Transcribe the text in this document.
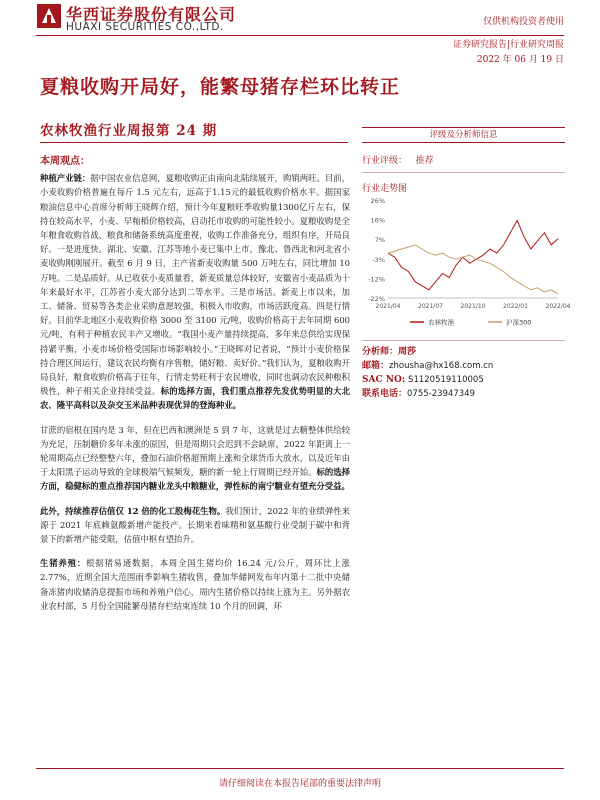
华西证券股份有限公司
HUAXI SECURITIES CO.,LTD.	仅供机构投资者使用
证券研究报告|行业研究周报
2022 年 06 月 19 日
夏粮收购开局好，能繁母猪存栏环比转正
农林牧渔行业周报第 24 期
本周观点：

种植产业链：据中国农业信息网，夏粮收购正由南向北陆续展开，购销两旺。目前，小麦收购价格普遍在每斤 1.5 元左右，远高于1.15元的最低收购价格水平。据国家粮油信息中心首席分析师王晓辉介绍，预计今年夏粮旺季收购量1300亿斤左右，保持在较高水平，小麦、早籼稻价格较高，启动托市收购的可能性较小。夏粮收购是全年粮食收购首战，粮食和储备系统高度重视，收购工作准备充分，组织有序，开局良好。一是进度快。湖北、安徽、江苏等地小麦已集中上市，豫北、鲁西北和河北省小麦收购刚刚展开。截至 6 月 9 日，主产省新麦收购量 500 万吨左右，同比增加 10 万吨。二是品质好。从已收获小麦质量看，新麦质量总体较好，安徽省小麦品质为十年来最好水平，江苏省小麦大部分达到二等水平。三是市场活。新麦上市以来，加工、储备、贸易等各类企业采购意愿较强，积极入市收购，市场活跃度高。四是行情好。目前华北地区小麦收购价格 3000 至 3100 元/吨，收购价格高于去年同期 600 元/吨，有利于种植农民丰产又增收。“我国小麦产量持续提高，多年来总供给实现保持紧平衡，小麦市场价格受国际市场影响较小。”王晓晖对记者说，“预计小麦价格保持合理区间运行，建议农民均衡有序售粮，储好粮、卖好价。”我们认为，夏粮收购开局良好，粮食收购价格高于往年，行情走势旺利于农民增收，同时也调动农民种粮积极性，种子相关企业持续受益。标的选择方面，我们重点推荐先发优势明显的大北农、隆平高科以及杂交玉米品种表现优异的登海种业。

甘蔗的宿根在国内是 3 年，但在巴西和澳洲是 5 到 7 年，这就是过去糖整体供给较为充足，压制糖价多年未涨的原因，但是周期只会迟到不会缺席。2022 年距离上一轮周期高点已经整整六年，叠加石油价格超预期上涨和全球货币大放水，以及近年由于太阳黑子运动导致的全球极端气候频发，糖的新一轮上行周期已经开始。标的选择方面，稳健标的重点推荐国内糖业龙头中粮糖业，弹性标的南宁糖业有望充分受益。

此外，持续推荐估值仅 12 倍的化工股梅花生物。我们预计，2022 年的业绩弹性来源于 2021 年底赖氨酸新增产能投产。长期来看味精和氨基酸行业受制于碳中和背景下的新增产能受限，估值中枢有望抬升。

生猪养殖：根据猪易通数据，本周全国生猪均价 16.24 元/公斤，周环比上涨 2.77%，近期全国大范围雨季影响生猪收售，叠加华储网发布年内第十二批中央储备冻猪肉收储消息提振市场和养殖户信心，周内生猪价格以持续上涨为主。另外据农业农村部，5 月份全国能繁母猪存栏结束连续 10 个月的回调，环

评级及分析师信息
行业评级： 推荐
行业走势图
26%
16%
7%
-3%
-12%
-22%
2021/04	2021/07	2021/10	2022/01	2022/04
农林牧渔	沪深300
分析师：周莎
邮箱：zhousha@hx168.com.cn
SAC NO: S1120519110005
联系电话：0755-23947349
请仔细阅读在本报告尾部的重要法律声明
